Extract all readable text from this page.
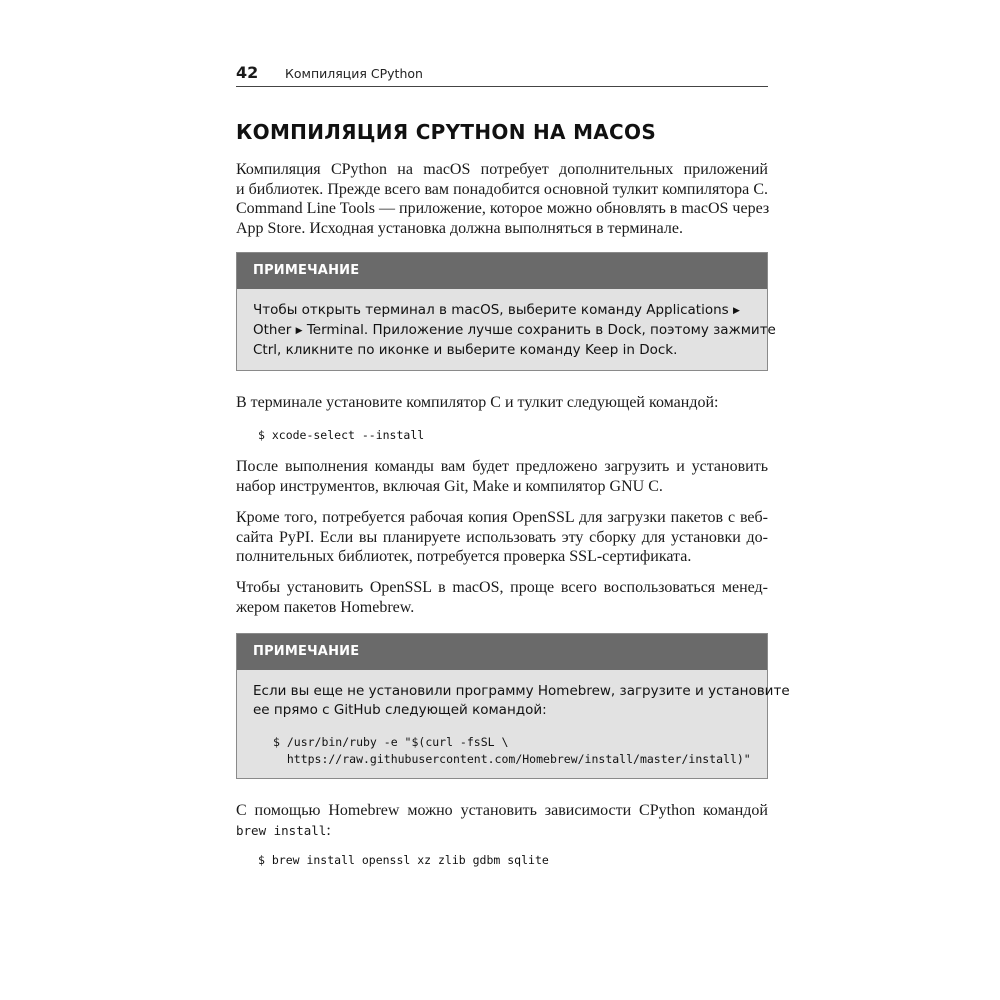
42 Компиляция CPython
КОМПИЛЯЦИЯ CPYTHON НА MACOS

Компиляция CPython на macOS потребует дополнительных приложений
и библиотек. Прежде всего вам понадобится основной тулкит компилятора C.
Command Line Tools — приложение, которое можно обновлять в macOS через
App Store. Исходная установка должна выполняться в терминале.

ПРИМЕЧАНИЕ
Чтобы открыть терминал в macOS, выберите команду Applications ▶
Other ▶ Terminal. Приложение лучше сохранить в Dock, поэтому зажмите
Ctrl, кликните по иконке и выберите команду Keep in Dock.

В терминале установите компилятор C и тулкит следующей командой:

$ xcode-select --install

После выполнения команды вам будет предложено загрузить и установить
набор инструментов, включая Git, Make и компилятор GNU C.

Кроме того, потребуется рабочая копия OpenSSL для загрузки пакетов с веб-
сайта PyPI. Если вы планируете использовать эту сборку для установки до-
полнительных библиотек, потребуется проверка SSL-сертификата.

Чтобы установить OpenSSL в macOS, проще всего воспользоваться менед-
жером пакетов Homebrew.

ПРИМЕЧАНИЕ
Если вы еще не установили программу Homebrew, загрузите и установите
ее прямо с GitHub следующей командой:
$ /usr/bin/ruby -e "$(curl -fsSL \
https://raw.githubusercontent.com/Homebrew/install/master/install)"

С помощью Homebrew можно установить зависимости CPython командой
brew install:

$ brew install openssl xz zlib gdbm sqlite
